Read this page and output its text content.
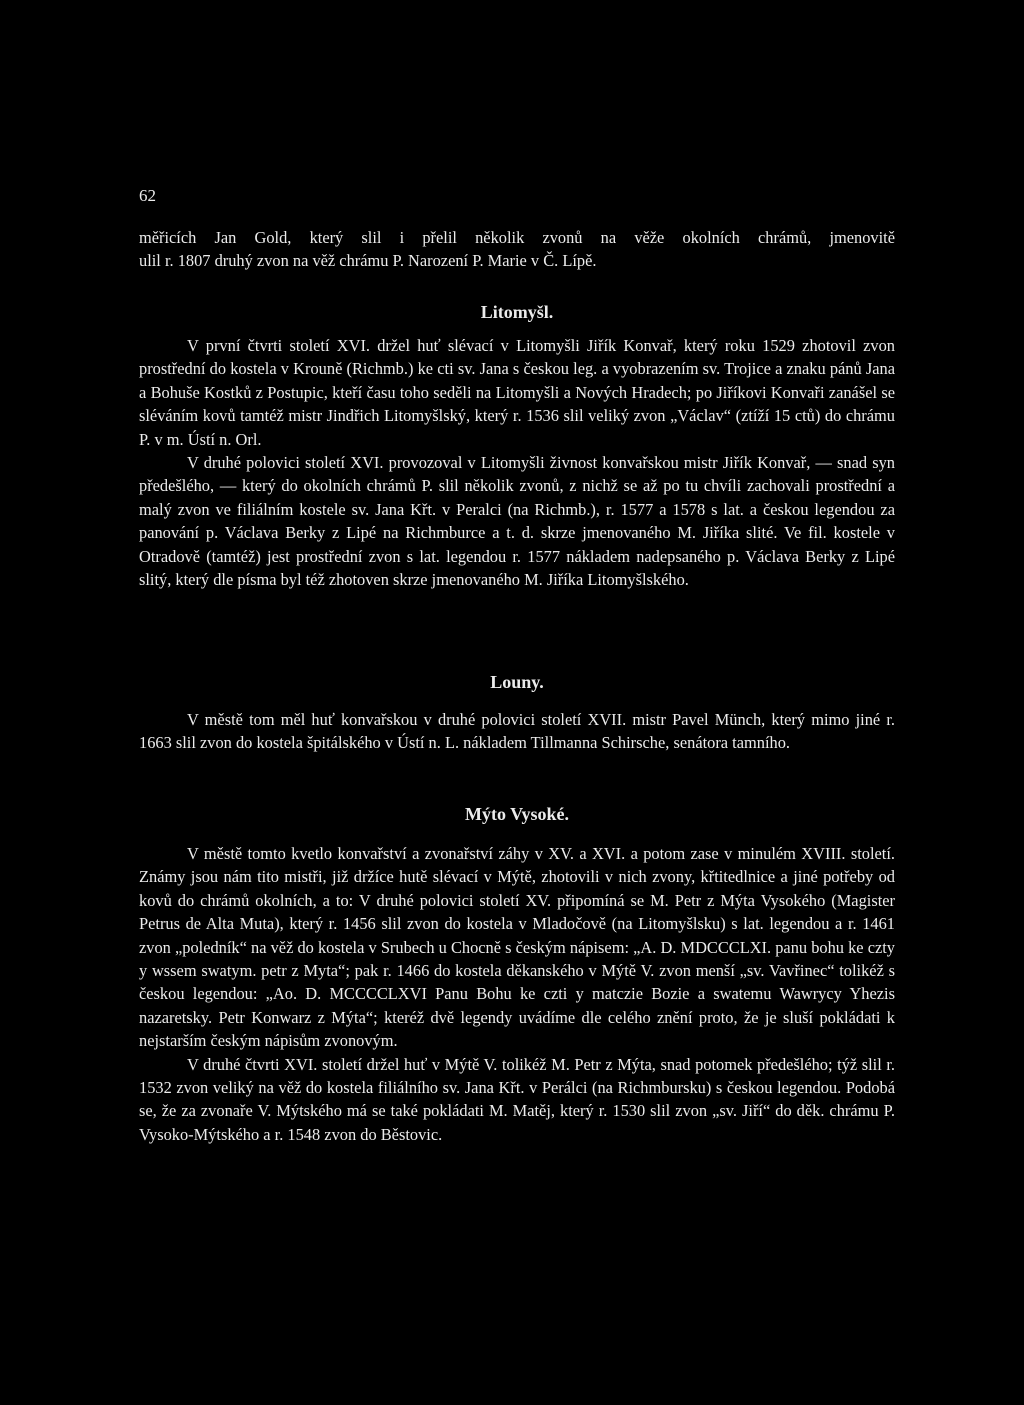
62
měřicích Jan Gold, který slil i přelil několik zvonů na věže okolních chrámů, jmenovitě
ulil r. 1807 druhý zvon na věž chrámu P. Narození P. Marie v Č. Lípě.
Litomyšl.

V první čtvrti století XVI. držel huť slévací v Litomyšli Jiřík Konvař, který roku 1529 zhotovil zvon prostřední do kostela v Krouně (Richmb.) ke cti sv. Jana s českou leg. a vyobrazením sv. Trojice a znaku pánů Jana a Bohuše Kostků z Postupic, kteří času toho seděli na Litomyšli a Nových Hradech; po Jiříkovi Konvaři zanášel se sléváním kovů tamtéž mistr Jindřich Litomyšlský, který r. 1536 slil veliký zvon „Václav“ (ztíží 15 ctů) do chrámu P. v m. Ústí n. Orl.

V druhé polovici století XVI. provozoval v Litomyšli živnost konvařskou mistr Jiřík Konvař, — snad syn předešlého, — který do okolních chrámů P. slil několik zvonů, z nichž se až po tu chvíli zachovali prostřední a malý zvon ve filiálním kostele sv. Jana Křt. v Peralci (na Richmb.), r. 1577 a 1578 s lat. a českou legendou za panování p. Václava Berky z Lipé na Richmburce a t. d. skrze jmenovaného M. Jiříka slité. Ve fil. kostele v Otradově (tamtéž) jest prostřední zvon s lat. legendou r. 1577 nákladem nadepsaného p. Václava Berky z Lipé slitý, který dle písma byl též zhotoven skrze jmenovaného M. Jiříka Litomyšlského.

Louny.

V městě tom měl huť konvařskou v druhé polovici století XVII. mistr Pavel Münch, který mimo jiné r. 1663 slil zvon do kostela špitálského v Ústí n. L. nákladem Tillmanna Schirsche, senátora tamního.

Mýto Vysoké.

V městě tomto kvetlo konvařství a zvonařství záhy v XV. a XVI. a potom zase v minulém XVIII. století. Známy jsou nám tito mistři, již držíce hutě slévací v Mýtě, zhotovili v nich zvony, křtitedlnice a jiné potřeby od kovů do chrámů okolních, a to: V druhé polovici století XV. připomíná se M. Petr z Mýta Vysokého (Magister Petrus de Alta Muta), který r. 1456 slil zvon do kostela v Mladočově (na Litomyšlsku) s lat. legendou a r. 1461 zvon „poledník“ na věž do kostela v Srubech u Chocně s českým nápisem: „A. D. MDCCCLXI. panu bohu ke czty y wssem swatym. petr z Myta“; pak r. 1466 do kostela děkanského v Mýtě V. zvon menší „sv. Vavřinec“ tolikéž s českou legendou: „Ao. D. MCCCCLXVI Panu Bohu ke czti y matczie Bozie a swatemu Wawrycy Yhezis nazaretsky. Petr Konwarz z Mýta“; kteréž dvě legendy uvádíme dle celého znění proto, že je sluší pokládati k nejstarším českým nápisům zvonovým.

V druhé čtvrti XVI. století držel huť v Mýtě V. tolikéž M. Petr z Mýta, snad potomek předešlého; týž slil r. 1532 zvon veliký na věž do kostela filiálního sv. Jana Křt. v Perálci (na Richmbursku) s českou legendou. Podobá se, že za zvonaře V. Mýtského má se také pokládati M. Matěj, který r. 1530 slil zvon „sv. Jiří“ do děk. chrámu P. Vysoko-Mýtského a r. 1548 zvon do Běstovic.
